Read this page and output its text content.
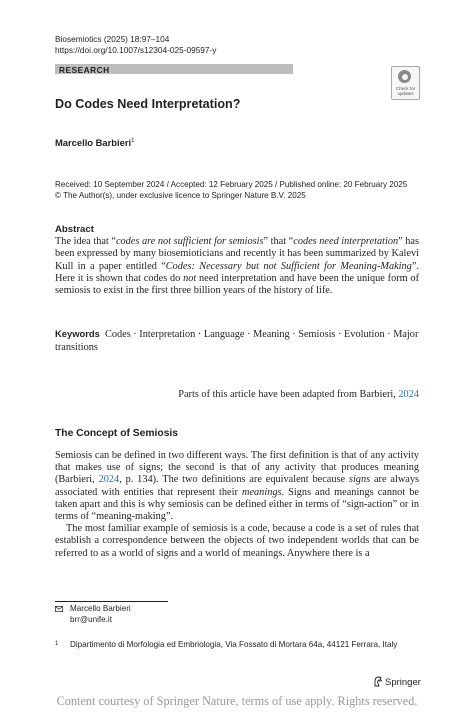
Biosemiotics (2025) 18:97–104
https://doi.org/10.1007/s12304-025-09597-y
RESEARCH
Check for
updates
Do Codes Need Interpretation?
Marcello Barbieri$^1$
Received: 10 September 2024 / Accepted: 12 February 2025 / Published online: 20 February 2025
© The Author(s), under exclusive licence to Springer Nature B.V. 2025
Abstract
The idea that “codes are not sufficient for semiosis” that “codes need interpretation” has been expressed by many biosemioticians and recently it has been summarized by Kalevi Kull in a paper entitled “Codes: Necessary but not Sufficient for Meaning-Making”. Here it is shown that codes do not need interpretation and have been the unique form of semiosis to exist in the first three billion years of the history of life.
Keywords Codes · Interpretation · Language · Meaning · Semiosis · Evolution · Major transitions
Parts of this article have been adapted from Barbieri, 2024
The Concept of Semiosis

Semiosis can be defined in two different ways. The first definition is that of any activity that makes use of signs; the second is that of any activity that produces meaning (Barbieri, 2024, p. 134). The two definitions are equivalent because signs are always associated with entities that represent their meanings. Signs and meanings cannot be taken apart and this is why semiosis can be defined either in terms of “sign-action” or in terms of “meaning-making”.

The most familiar example of semiosis is a code, because a code is a set of rules that establish a correspondence between the objects of two independent worlds that can be referred to as a world of signs and a world of meanings. Anywhere there is a

Marcello Barbieri
brr@unife.it
1 Dipartimento di Morfologia ed Embriologia, Via Fossato di Mortara 64a, 44121 Ferrara, Italy
Springer
Content courtesy of Springer Nature, terms of use apply. Rights reserved.
